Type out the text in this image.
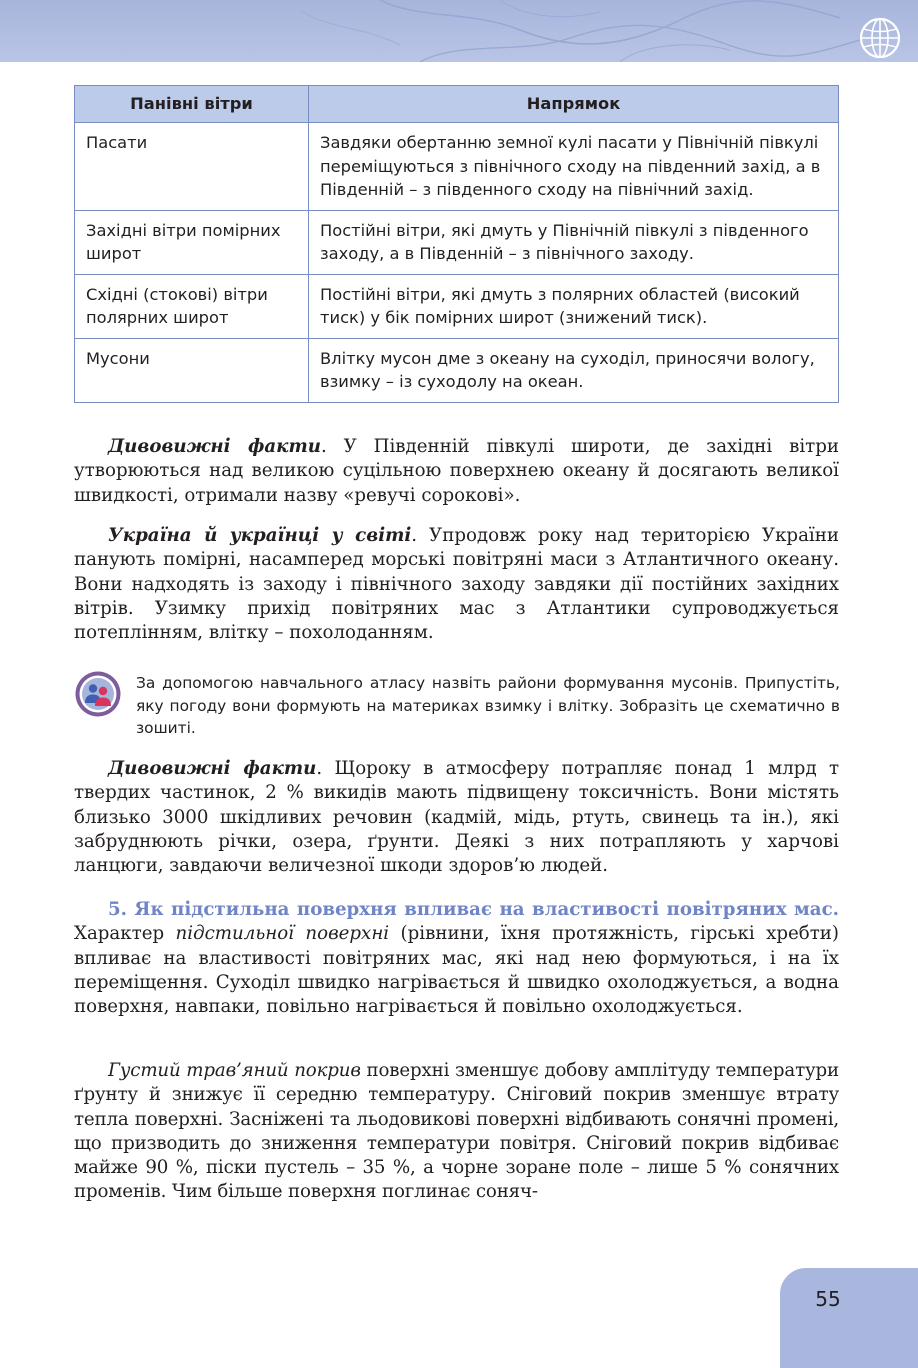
Панівні вітри	Напрямок
Пасати	Завдяки обертанню земної кулі пасати у Північній півкулі переміщуються з північного сходу на південний захід, а в Південній – з південного сходу на північний захід.
Західні вітри помірних широт	Постійні вітри, які дмуть у Північній півкулі з південного заходу, а в Південній – з північного заходу.
Східні (стокові) вітри полярних широт	Постійні вітри, які дмуть з полярних областей (високий тиск) у бік помірних широт (знижений тиск).
Мусони	Влітку мусон дме з океану на суходіл, приносячи вологу, взимку – із суходолу на океан.

Дивовижні факти. У Південній півкулі широти, де західні вітри утворюються над великою суцільною поверхнею океану й досягають великої швидкості, отримали назву «ревучі сорокові».

Україна й українці у світі. Упродовж року над територією України панують помірні, насамперед морські повітряні маси з Атлантичного океану. Вони надходять із заходу і північного заходу завдяки дії постійних західних вітрів. Узимку прихід повітряних мас з Атлантики супроводжується потеплінням, влітку – похолоданням.

За допомогою навчального атласу назвіть райони формування мусонів. Припустіть, яку погоду вони формують на материках взимку і влітку. Зобразіть це схематично в зошиті.

Дивовижні факти. Щороку в атмосферу потрапляє понад 1 млрд т твердих частинок, 2 % викидів мають підвищену токсичність. Вони містять близько 3000 шкідливих речовин (кадмій, мідь, ртуть, свинець та ін.), які забруднюють річки, озера, ґрунти. Деякі з них потрапляють у харчові ланцюги, завдаючи величезної шкоди здоров’ю людей.

5. Як підстильна поверхня впливає на властивості повітряних мас. Характер підстильної поверхні (рівнини, їхня протяжність, гірські хребти) впливає на властивості повітряних мас, які над нею формуються, і на їх переміщення. Суходіл швидко нагрівається й швидко охолоджується, а водна поверхня, навпаки, повільно нагрівається й повільно охолоджується.

Густий трав’яний покрив поверхні зменшує добову амплітуду температури ґрунту й знижує її середню температуру. Сніговий покрив зменшує втрату тепла поверхні. Засніжені та льодовикові поверхні відбивають сонячні промені, що призводить до зниження температури повітря. Сніговий покрив відбиває майже 90 %, піски пустель – 35 %, а чорне зоране поле – лише 5 % сонячних променів. Чим більше поверхня поглинає соняч-

55
